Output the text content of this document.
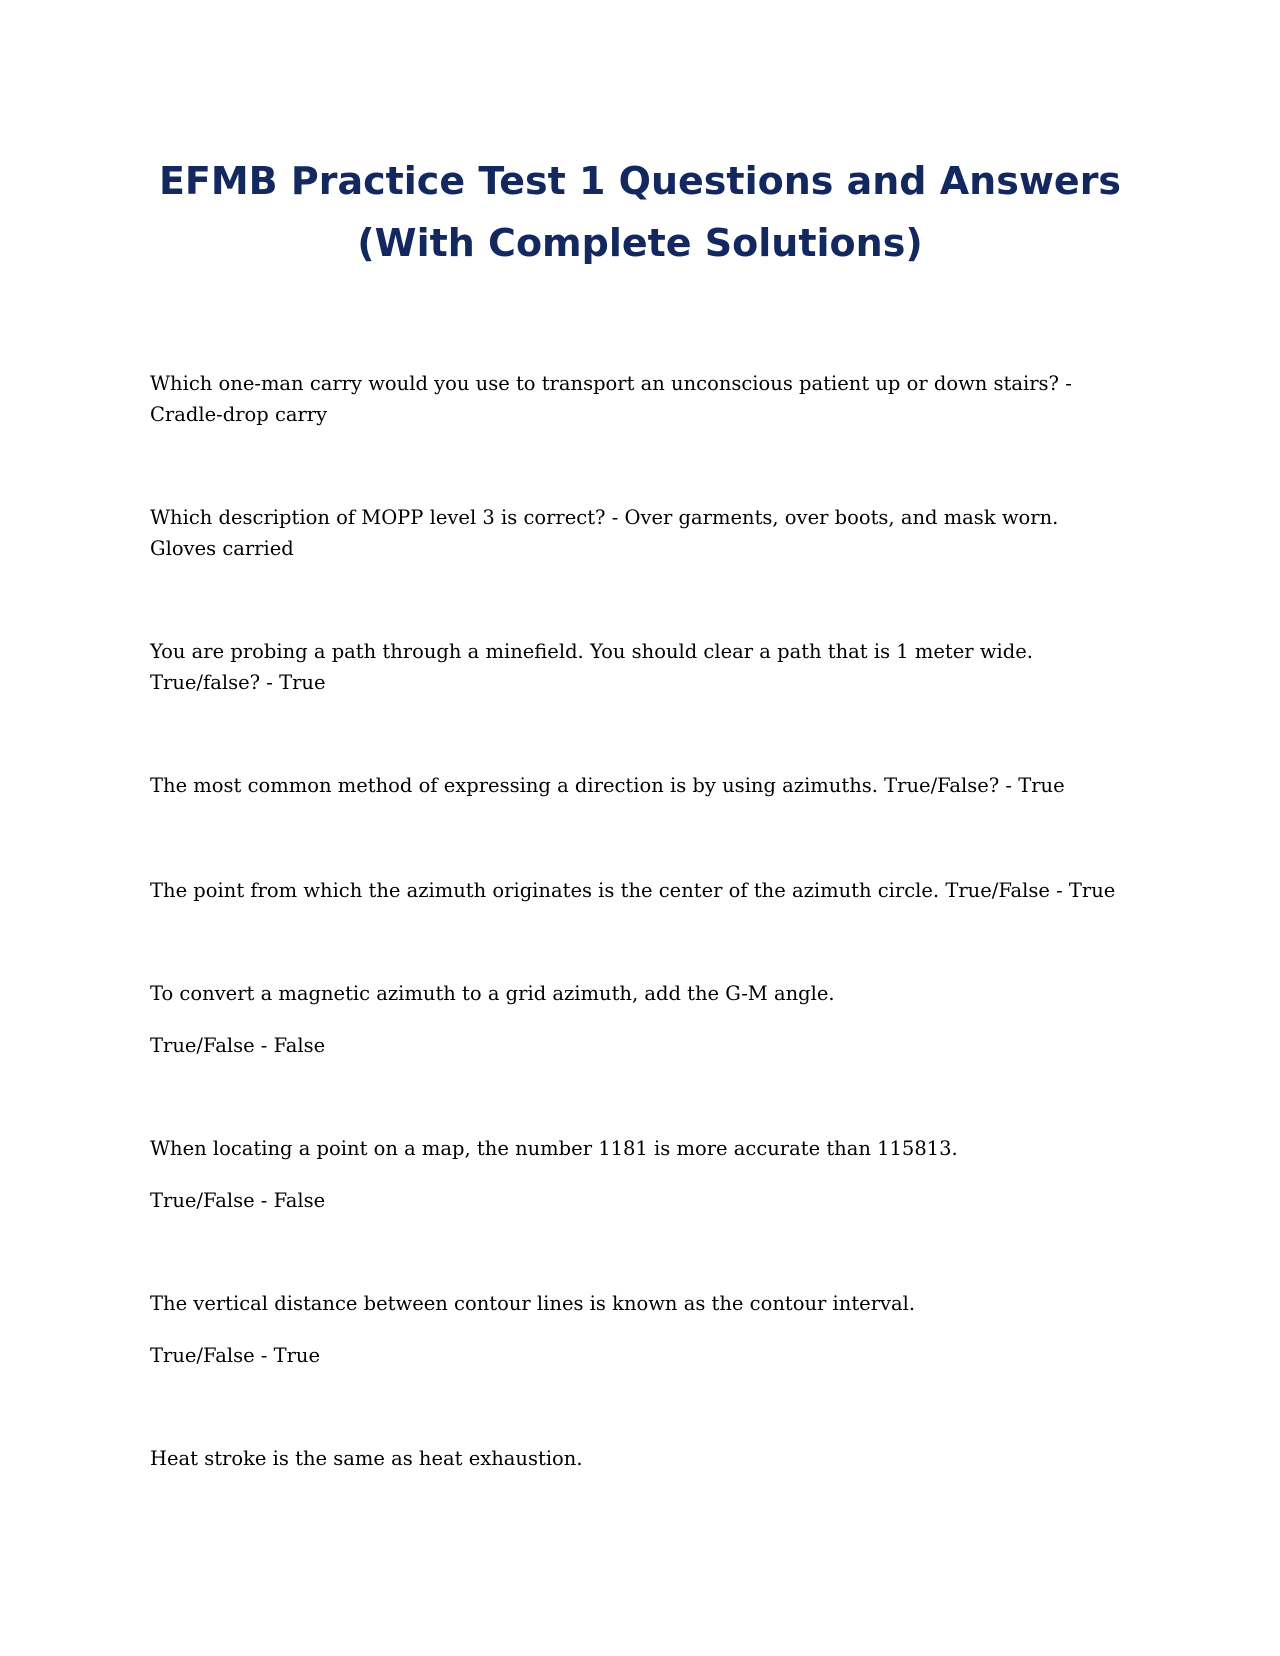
EFMB Practice Test 1 Questions and Answers
(With Complete Solutions)

Which one-man carry would you use to transport an unconscious patient up or down stairs? - Cradle-drop carry

Which description of MOPP level 3 is correct? - Over garments, over boots, and mask worn. Gloves carried

You are probing a path through a minefield. You should clear a path that is 1 meter wide. True/false? - True

The most common method of expressing a direction is by using azimuths. True/False? - True

The point from which the azimuth originates is the center of the azimuth circle. True/False - True

To convert a magnetic azimuth to a grid azimuth, add the G-M angle.

True/False - False

When locating a point on a map, the number 1181 is more accurate than 115813.

True/False - False

The vertical distance between contour lines is known as the contour interval.

True/False - True

Heat stroke is the same as heat exhaustion.
